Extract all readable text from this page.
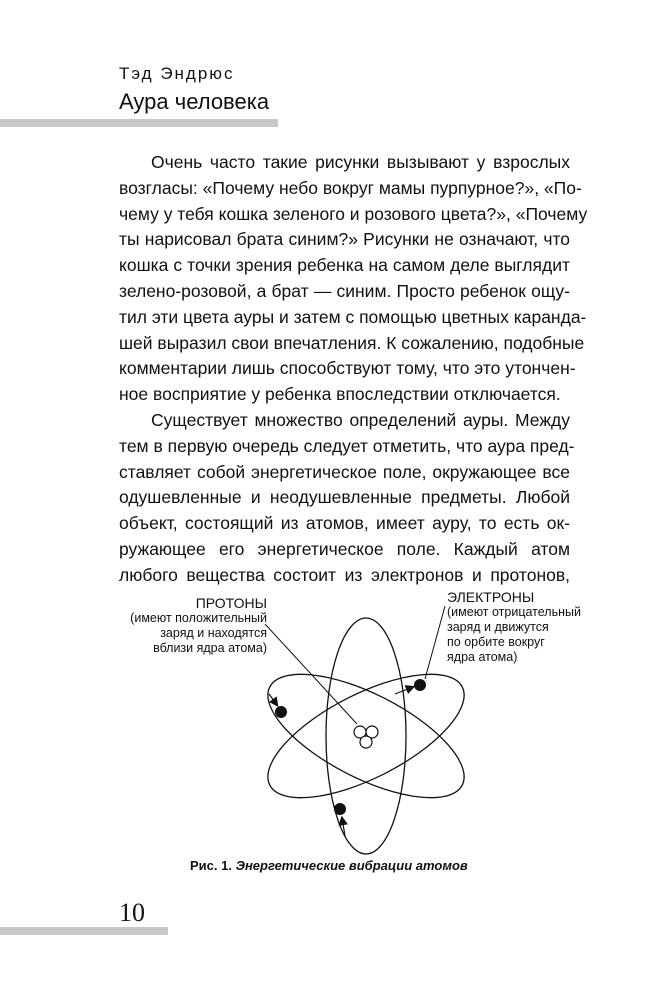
Тэд Эндрюс
Аура человека
Очень часто такие рисунки вызывают у взрослых
возгласы: «Почему небо вокруг мамы пурпурное?», «По-
чему у тебя кошка зеленого и розового цвета?», «Почему
ты нарисовал брата синим?» Рисунки не означают, что
кошка с точки зрения ребенка на самом деле выглядит
зелено-розовой, а брат — синим. Просто ребенок ощу-
тил эти цвета ауры и затем с помощью цветных каранда-
шей выразил свои впечатления. К сожалению, подобные
комментарии лишь способствуют тому, что это утончен-
ное восприятие у ребенка впоследствии отключается.
Существует множество определений ауры. Между
тем в первую очередь следует отметить, что аура пред-
ставляет собой энергетическое поле, окружающее все
одушевленные и неодушевленные предметы. Любой
объект, состоящий из атомов, имеет ауру, то есть ок-
ружающее его энергетическое поле. Каждый атом
любого вещества состоит из электронов и протонов,
ПРОТОНЫ
(имеют положительный
заряд и находятся
вблизи ядра атома)
ЭЛЕКТРОНЫ
(имеют отрицательный
заряд и движутся
по орбите вокруг
ядра атома)
Рис. 1. Энергетические вибрации атомов
10
